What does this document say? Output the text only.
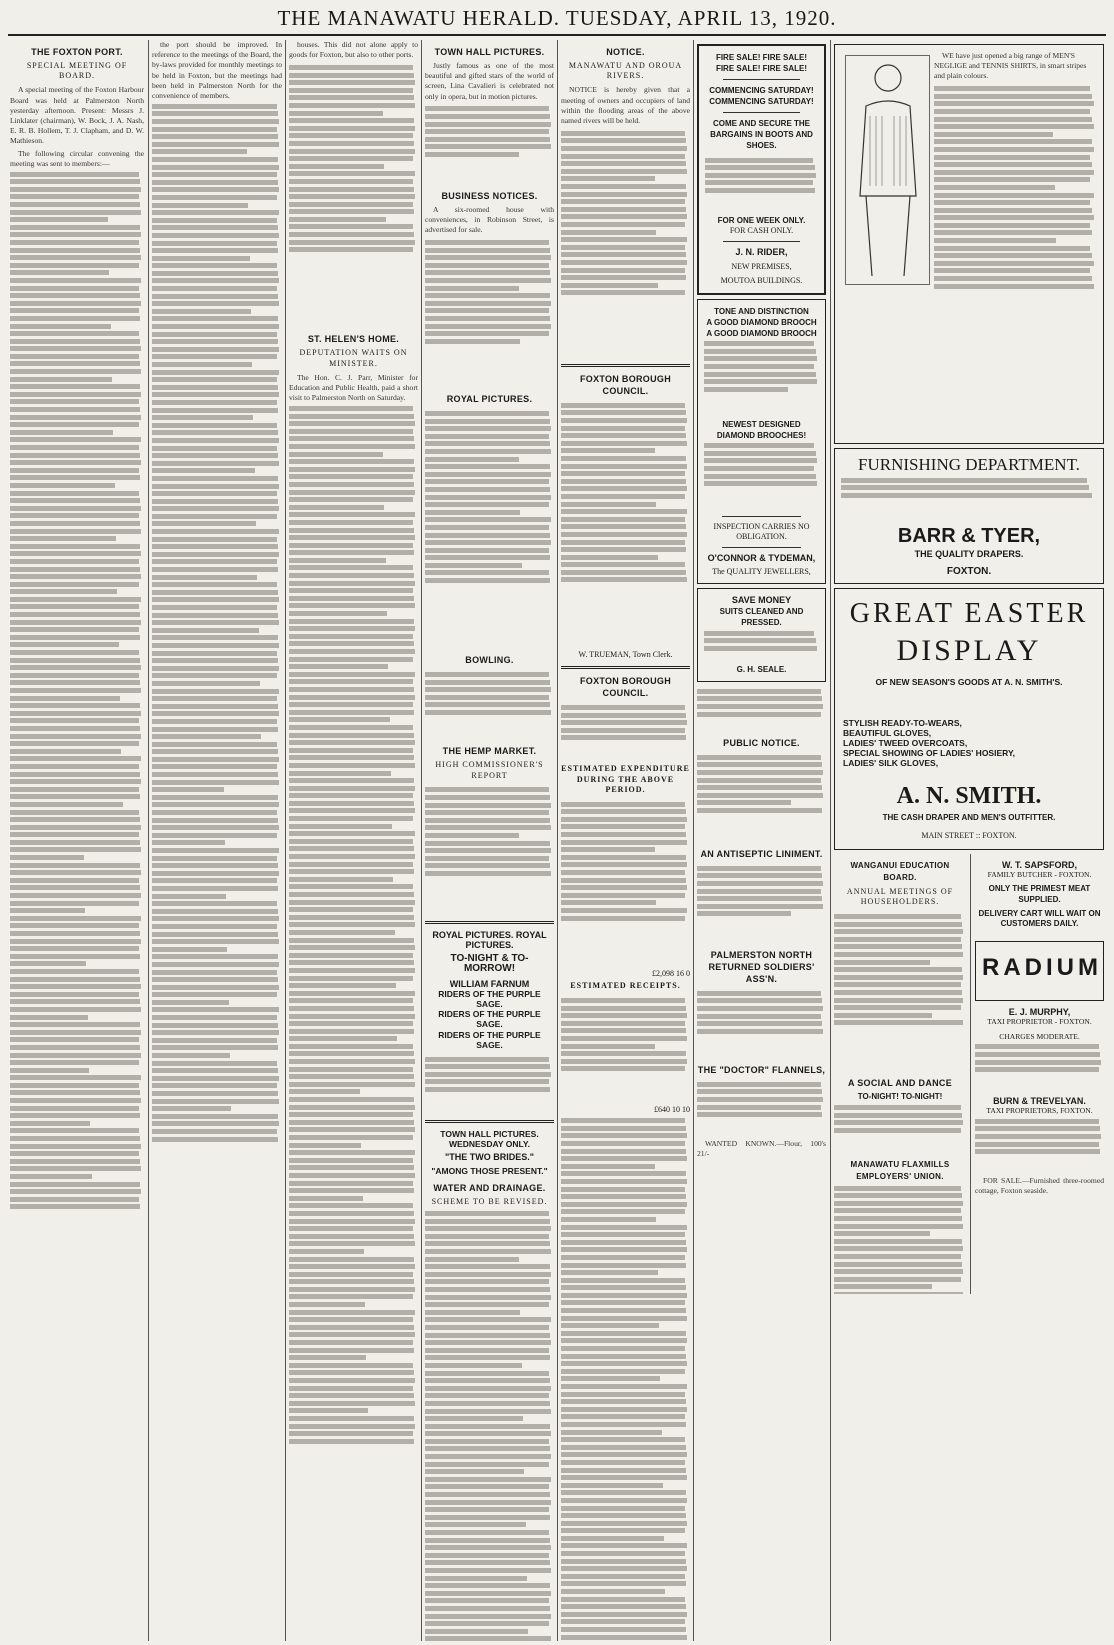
THE MANAWATU HERALD. TUESDAY, APRIL 13, 1920.
THE FOXTON PORT.
SPECIAL MEETING OF BOARD.
A special meeting of the Foxton Harbour Board was held at Palmerston North yesterday afternoon. Present: Messrs J. Linklater (chairman), W. Bock, J. A. Nash, E. R. B. Hollem, T. J. Clapham, and D. W. Mathieson.
The following circular convening the meeting was sent to members:—
the port should be improved. In reference to the meetings of the Board, the by-laws provided for monthly meetings to be held in Foxton, but the meetings had been held in Palmerston North for the convenience of members.
houses. This did not alone apply to goods for Foxton, but also to other ports.
ST. HELEN'S HOME.
DEPUTATION WAITS ON MINISTER.
The Hon. C. J. Parr, Minister for Education and Public Health, paid a short visit to Palmerston North on Saturday.
TOWN HALL PICTURES.
Justly famous as one of the most beautiful and gifted stars of the world of screen, Lina Cavalieri is celebrated not only in opera, but in motion pictures.
BUSINESS NOTICES.
A six-roomed house with conveniences, in Robinson Street, is advertised for sale.
ROYAL PICTURES.
BOWLING.
THE HEMP MARKET.
HIGH COMMISSIONER'S REPORT
ROYAL PICTURES. ROYAL PICTURES.
TO-NIGHT & TO-MORROW!
WILLIAM FARNUM
RIDERS OF THE PURPLE SAGE.
RIDERS OF THE PURPLE SAGE.
RIDERS OF THE PURPLE SAGE.
TOWN HALL PICTURES. WEDNESDAY ONLY.
"THE TWO BRIDES."
"AMONG THOSE PRESENT."
WATER AND DRAINAGE.
SCHEME TO BE REVISED.
NOTICE.
MANAWATU AND OROUA RIVERS.
NOTICE is hereby given that a meeting of owners and occupiers of land within the flooding areas of the above named rivers will be held.
FOXTON BOROUGH COUNCIL.
W. TRUEMAN, Town Clerk.
FOXTON BOROUGH COUNCIL.
ESTIMATED EXPENDITURE DURING THE ABOVE PERIOD.
£2,098 16 0
ESTIMATED RECEIPTS.
£640 10 10
FIRE SALE! FIRE SALE!
FIRE SALE! FIRE SALE!
COMMENCING SATURDAY!
COMMENCING SATURDAY!
COME AND SECURE THE BARGAINS IN BOOTS AND SHOES.
FOR ONE WEEK ONLY.
FOR CASH ONLY.
J. N. RIDER,
NEW PREMISES,
MOUTOA BUILDINGS.
TONE AND DISTINCTION
A GOOD DIAMOND BROOCH
A GOOD DIAMOND BROOCH
NEWEST DESIGNED DIAMOND BROOCHES!
INSPECTION CARRIES NO OBLIGATION.
O'CONNOR & TYDEMAN,
The QUALITY JEWELLERS,
SAVE MONEY
SUITS CLEANED AND PRESSED.
G. H. SEALE.
PUBLIC NOTICE.
AN ANTISEPTIC LINIMENT.
PALMERSTON NORTH RETURNED SOLDIERS' ASS'N.
THE "DOCTOR" FLANNELS,
WANTED KNOWN.—Flour, 100's 21/-
WE have just opened a big range of MEN'S NEGLIGE and TENNIS SHIRTS, in smart stripes and plain colours.
FURNISHING DEPARTMENT.
BARR & TYER,
THE QUALITY DRAPERS.
FOXTON.
GREAT EASTER
DISPLAY
OF NEW SEASON'S GOODS AT A. N. SMITH'S.
STYLISH READY-TO-WEARS,
BEAUTIFUL GLOVES,
LADIES' TWEED OVERCOATS,
SPECIAL SHOWING OF LADIES' HOSIERY,
LADIES' SILK GLOVES,
A. N. SMITH.
THE CASH DRAPER AND MEN'S OUTFITTER.
MAIN STREET :: FOXTON.
WANGANUI EDUCATION BOARD.
ANNUAL MEETINGS OF HOUSEHOLDERS.
A SOCIAL AND DANCE
TO-NIGHT! TO-NIGHT!
MANAWATU FLAXMILLS EMPLOYERS' UNION.
W. T. SAPSFORD,
FAMILY BUTCHER - FOXTON.
ONLY THE PRIMEST MEAT SUPPLIED.
DELIVERY CART WILL WAIT ON CUSTOMERS DAILY.
RADIUM
E. J. MURPHY,
TAXI PROPRIETOR - FOXTON.
CHARGES MODERATE.
BURN & TREVELYAN.
TAXI PROPRIETORS, FOXTON.
FOR SALE.—Furnished three-roomed cottage, Foxton seaside.
